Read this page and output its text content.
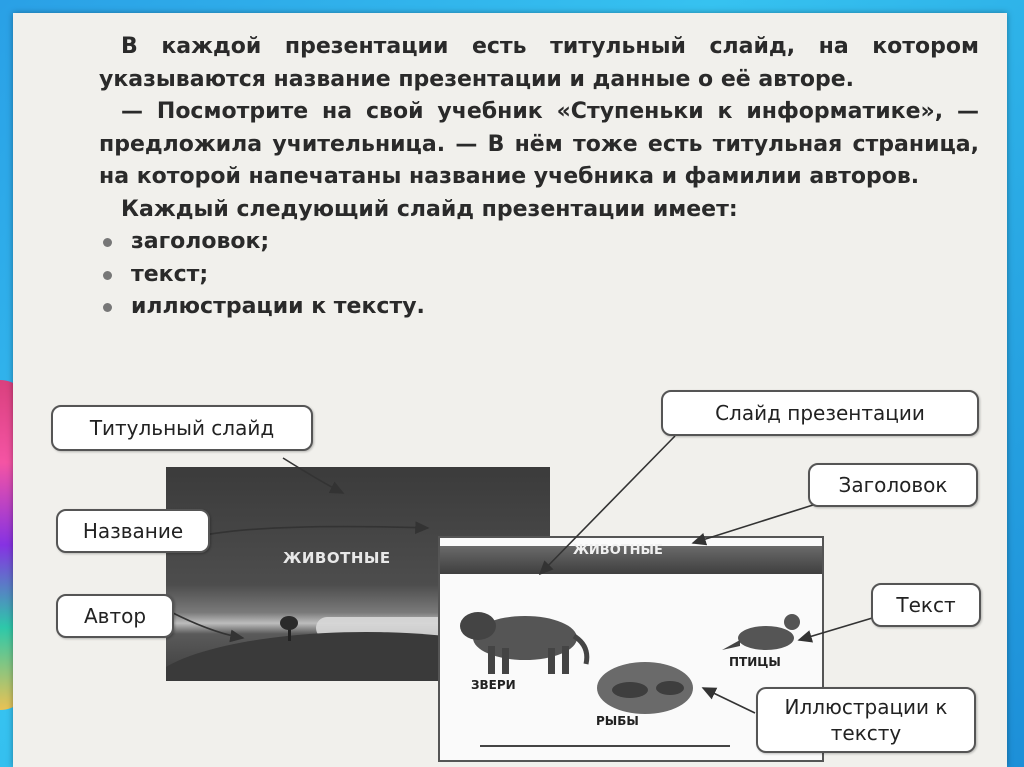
В каждой презентации есть титульный слайд, на котором указываются название презентации и данные о её авторе.

— Посмотрите на свой учебник «Ступеньки к информатике», — предложила учительница. — В нём тоже есть титульная страница, на которой напечатаны название учебника и фамилии авторов.

Каждый следующий слайд презентации имеет:

заголовок;
текст;
иллюстрации к тексту.
ЖИВОТНЫЕ	ЖИВОТНЫЕ
ЗВЕРИ
ПТИЦЫ
РЫБЫ
Титульный слайд
Название
Автор
Слайд презентации
Заголовок
Текст
Иллюстрации к тексту
